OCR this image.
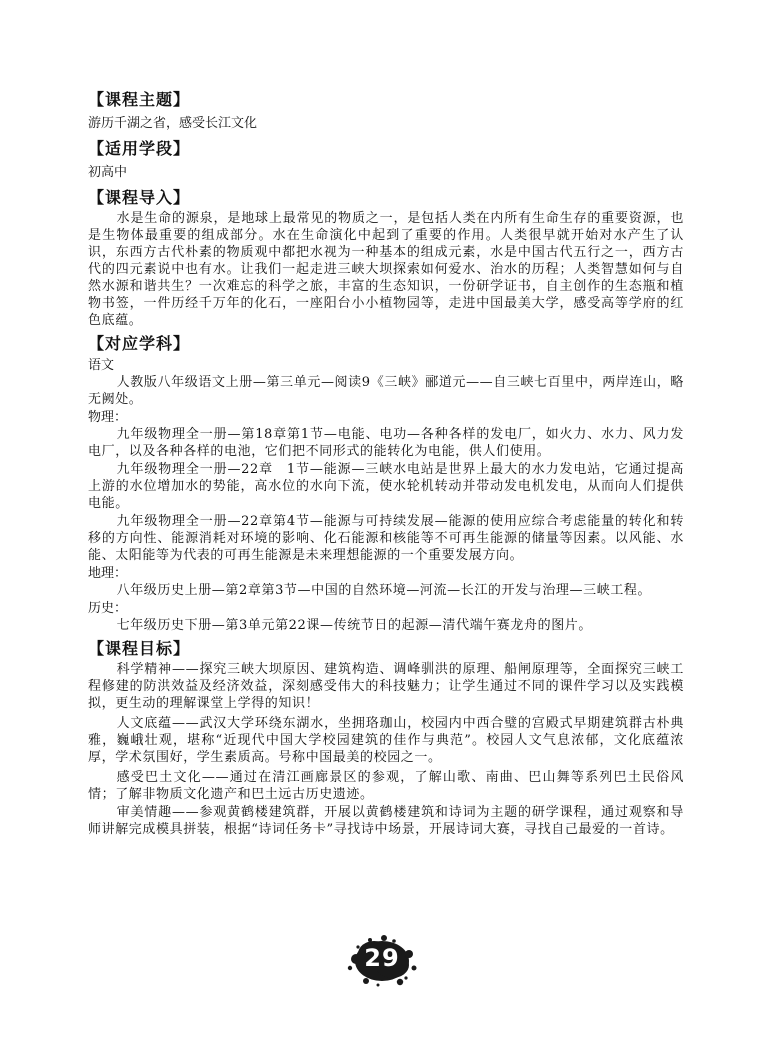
【课程主题】
游历千湖之省，感受长江文化
【适用学段】
初高中
【课程导入】

水是生命的源泉，是地球上最常见的物质之一，是包括人类在内所有生命生存的重要资源，也是生物体最重要的组成部分。水在生命演化中起到了重要的作用。人类很早就开始对水产生了认识，东西方古代朴素的物质观中都把水视为一种基本的组成元素，水是中国古代五行之一，西方古代的四元素说中也有水。让我们一起走进三峡大坝探索如何爱水、治水的历程；人类智慧如何与自然水源和谐共生？一次难忘的科学之旅，丰富的生态知识，一份研学证书，自主创作的生态瓶和植物书签，一件历经千万年的化石，一座阳台小小植物园等，走进中国最美大学，感受高等学府的红色底蕴。

【对应学科】
语文

人教版八年级语文上册—第三单元—阅读9《三峡》郦道元——自三峡七百里中，两岸连山，略无阙处。

物理：

九年级物理全一册—第18章第1节—电能、电功—各种各样的发电厂，如火力、水力、风力发电厂，以及各种各样的电池，它们把不同形式的能转化为电能，供人们使用。

九年级物理全一册—22章　1节—能源—三峡水电站是世界上最大的水力发电站，它通过提高上游的水位增加水的势能，高水位的水向下流，使水轮机转动并带动发电机发电，从而向人们提供电能。

九年级物理全一册—22章第4节—能源与可持续发展—能源的使用应综合考虑能量的转化和转移的方向性、能源消耗对环境的影响、化石能源和核能等不可再生能源的储量等因素。以风能、水能、太阳能等为代表的可再生能源是未来理想能源的一个重要发展方向。

地理：

八年级历史上册—第2章第3节—中国的自然环境—河流—长江的开发与治理—三峡工程。

历史：

七年级历史下册—第3单元第22课—传统节日的起源—清代端午赛龙舟的图片。

【课程目标】

科学精神——探究三峡大坝原因、建筑构造、调峰驯洪的原理、船闸原理等，全面探究三峡工程修建的防洪效益及经济效益，深刻感受伟大的科技魅力；让学生通过不同的课件学习以及实践模拟，更生动的理解课堂上学得的知识！

人文底蕴——武汉大学环绕东湖水，坐拥珞珈山，校园内中西合璧的宫殿式早期建筑群古朴典雅，巍峨壮观，堪称“近现代中国大学校园建筑的佳作与典范”。校园人文气息浓郁，文化底蕴浓厚，学术氛围好，学生素质高。号称中国最美的校园之一。

感受巴土文化——通过在清江画廊景区的参观，了解山歌、南曲、巴山舞等系列巴土民俗风情；了解非物质文化遗产和巴土远古历史遗迹。

审美情趣——参观黄鹤楼建筑群，开展以黄鹤楼建筑和诗词为主题的研学课程，通过观察和导师讲解完成模具拼装，根据“诗词任务卡”寻找诗中场景，开展诗词大赛，寻找自己最爱的一首诗。

29
